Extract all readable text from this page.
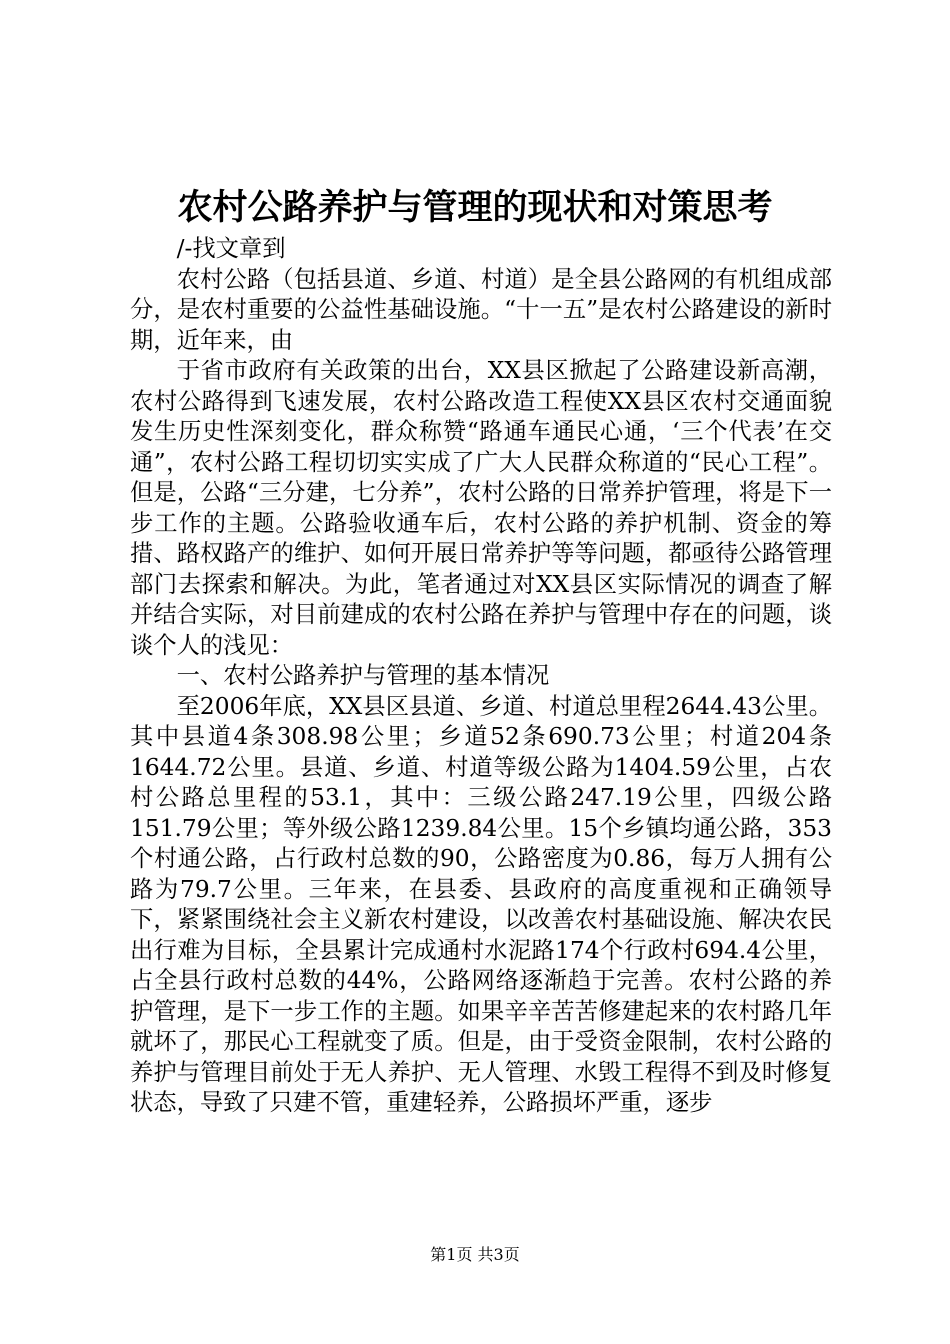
农村公路养护与管理的现状和对策思考

/-找文章到

农村公路（包括县道、乡道、村道）是全县公路网的有机组成部分，是农村重要的公益性基础设施。“十一五”是农村公路建设的新时期，近年来，由

于省市政府有关政策的出台，XX县区掀起了公路建设新高潮，农村公路得到飞速发展，农村公路改造工程使XX县区农村交通面貌发生历史性深刻变化，群众称赞“路通车通民心通，‘三个代表’在交通”，农村公路工程切切实实成了广大人民群众称道的“民心工程”。但是，公路“三分建，七分养”，农村公路的日常养护管理，将是下一步工作的主题。公路验收通车后，农村公路的养护机制、资金的筹措、路权路产的维护、如何开展日常养护等等问题，都亟待公路管理部门去探索和解决。为此，笔者通过对XX县区实际情况的调查了解并结合实际，对目前建成的农村公路在养护与管理中存在的问题，谈谈个人的浅见：

一、农村公路养护与管理的基本情况

至2006年底，XX县区县道、乡道、村道总里程2644.43公里。其中县道4条308.98公里；乡道52条690.73公里；村道204条1644.72公里。县道、乡道、村道等级公路为1404.59公里，占农村公路总里程的53.1，其中：三级公路247.19公里，四级公路151.79公里；等外级公路1239.84公里。15个乡镇均通公路，353个村通公路，占行政村总数的90，公路密度为0.86，每万人拥有公路为79.7公里。三年来，在县委、县政府的高度重视和正确领导下，紧紧围绕社会主义新农村建设，以改善农村基础设施、解决农民出行难为目标，全县累计完成通村水泥路174个行政村694.4公里，占全县行政村总数的44%，公路网络逐渐趋于完善。农村公路的养护管理，是下一步工作的主题。如果辛辛苦苦修建起来的农村路几年就坏了，那民心工程就变了质。但是，由于受资金限制，农村公路的养护与管理目前处于无人养护、无人管理、水毁工程得不到及时修复状态，导致了只建不管，重建轻养，公路损坏严重，逐步

第1页 共3页
